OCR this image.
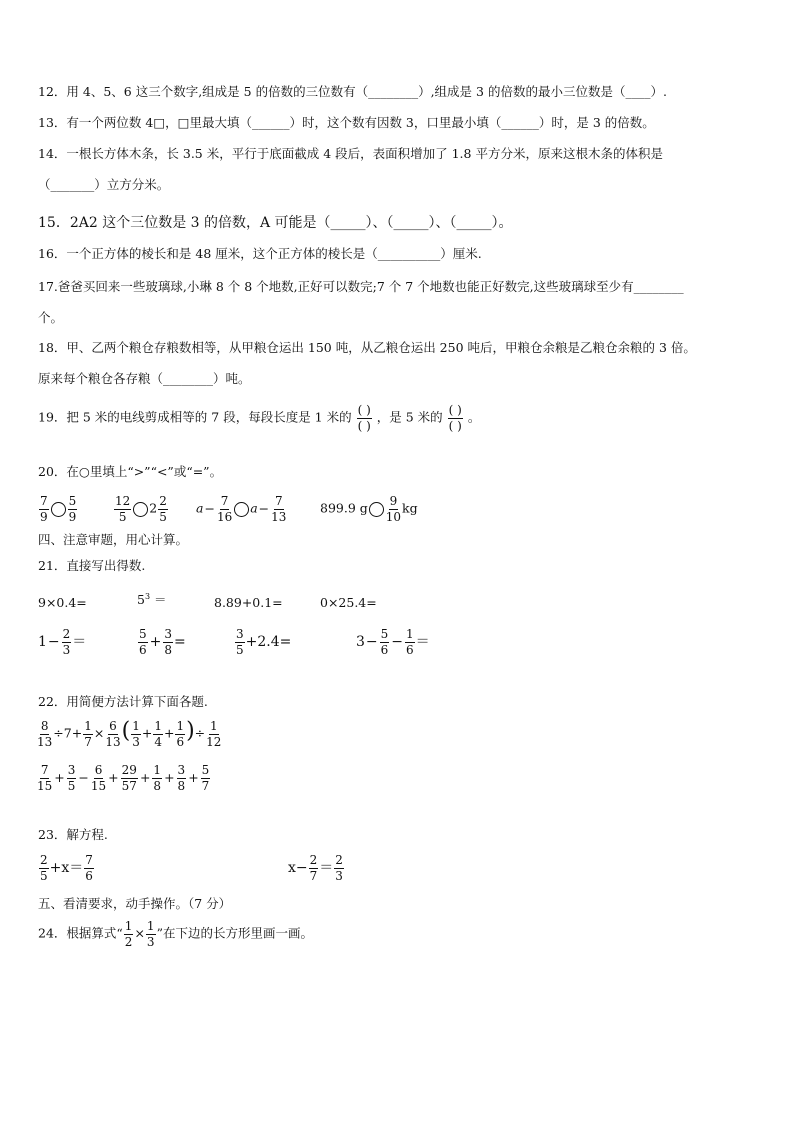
12．用 4、5、6 这三个数字,组成是 5 的倍数的三位数有（________）,组成是 3 的倍数的最小三位数是（____）.
13．有一个两位数 4□，□里最大填（______）时，这个数有因数 3，口里最小填（______）时，是 3 的倍数。
14．一根长方体木条，长 3.5 米，平行于底面截成 4 段后，表面积增加了 1.8 平方分米，原来这根木条的体积是
（_______）立方分米。
15．2A2 这个三位数是 3 的倍数，A 可能是（_____）、（_____）、（_____）。
16．一个正方体的棱长和是 48 厘米，这个正方体的棱长是（__________）厘米.
17.爸爸买回来一些玻璃球,小琳 8 个 8 个地数,正好可以数完;7 个 7 个地数也能正好数完,这些玻璃球至少有________
个。
18．甲、乙两个粮仓存粮数相等，从甲粮仓运出 150 吨，从乙粮仓运出 250 吨后，甲粮仓余粮是乙粮仓余粮的 3 倍。
原来每个粮仓各存粮（________）吨。
19．把 5 米的电线剪成相等的 7 段，每段长度是 1 米的 $\frac{( )}{( )}$ ，是 5 米的 $\frac{( )}{( )}$ 。
20．在○里填上“>”“<”或“=”。
$\frac{7}{9} \frac{5}{9}$	$\frac{12}{5} 2 \frac{2}{5} a- \frac{7}{16} a- \frac{7}{13}$	899.9 g $\frac{9}{10}$ kg
四、注意审题，用心计算。
21．直接写出得数.
9×0.4=	$5^3$ ＝	8.89+0.1=	0×25.4=
$1- \frac{2}{3}$ ＝	$\frac{5}{6} + \frac{3}{8}$ =	$\frac{3}{5} +2.4=$	$3- \frac{5}{6} - \frac{1}{6}$ ＝
22．用简便方法计算下面各题.
$\frac{8}{13} \div 7+ \frac{1}{7} \times \frac{6}{13}$ ( $\frac{1}{3} + \frac{1}{4} + \frac{1}{6}$ )÷ $\frac{1}{12}$
$\frac{7}{15} + \frac{3}{5} - \frac{6}{15} + \frac{29}{57} + \frac{1}{8} + \frac{3}{8} + \frac{5}{7}$
23．解方程.
$\frac{2}{5} +x= \frac{7}{6}$	$x- \frac{2}{7} = \frac{2}{3}$
五、看清要求，动手操作。（7 分）
24．根据算式“ $\frac{1}{2} \times \frac{1}{3}$ ”在下边的长方形里画一画。
